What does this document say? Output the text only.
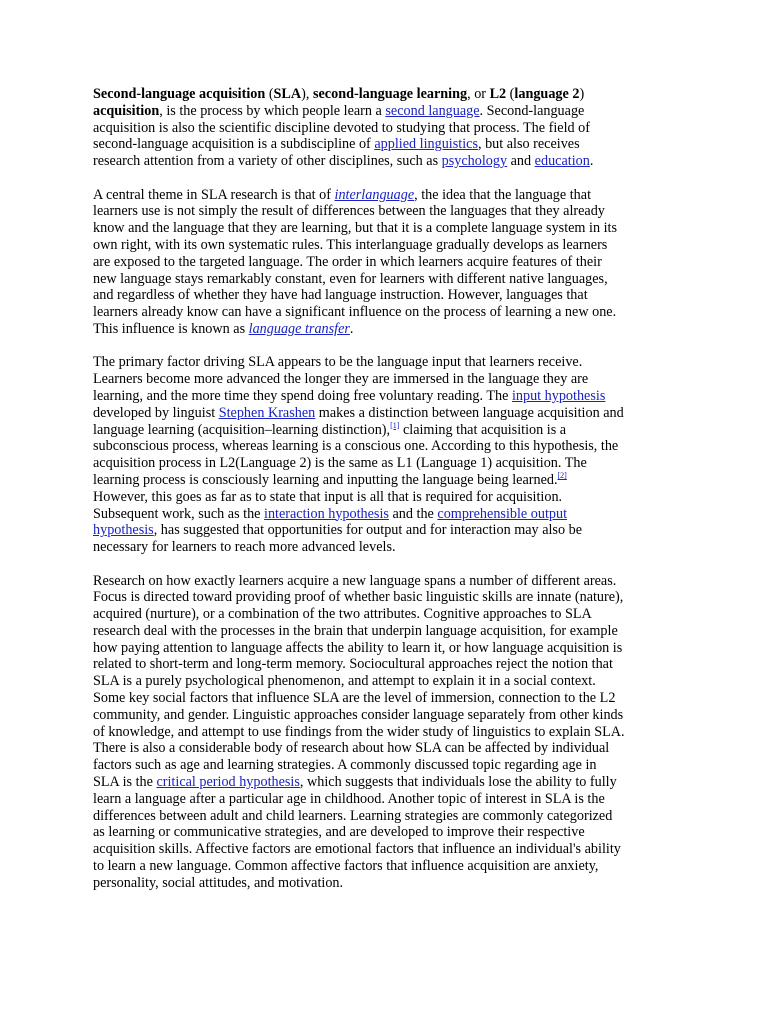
Second-language acquisition (SLA), second-language learning, or L2 (language 2)
acquisition, is the process by which people learn a second language. Second-language
acquisition is also the scientific discipline devoted to studying that process. The field of
second-language acquisition is a subdiscipline of applied linguistics, but also receives
research attention from a variety of other disciplines, such as psychology and education.

A central theme in SLA research is that of interlanguage, the idea that the language that
learners use is not simply the result of differences between the languages that they already
know and the language that they are learning, but that it is a complete language system in its
own right, with its own systematic rules. This interlanguage gradually develops as learners
are exposed to the targeted language. The order in which learners acquire features of their
new language stays remarkably constant, even for learners with different native languages,
and regardless of whether they have had language instruction. However, languages that
learners already know can have a significant influence on the process of learning a new one.
This influence is known as language transfer.

The primary factor driving SLA appears to be the language input that learners receive.
Learners become more advanced the longer they are immersed in the language they are
learning, and the more time they spend doing free voluntary reading. The input hypothesis
developed by linguist Stephen Krashen makes a distinction between language acquisition and
language learning (acquisition–learning distinction),[1] claiming that acquisition is a
subconscious process, whereas learning is a conscious one. According to this hypothesis, the
acquisition process in L2(Language 2) is the same as L1 (Language 1) acquisition. The
learning process is consciously learning and inputting the language being learned.[2]
However, this goes as far as to state that input is all that is required for acquisition.
Subsequent work, such as the interaction hypothesis and the comprehensible output
hypothesis, has suggested that opportunities for output and for interaction may also be
necessary for learners to reach more advanced levels.

Research on how exactly learners acquire a new language spans a number of different areas.
Focus is directed toward providing proof of whether basic linguistic skills are innate (nature),
acquired (nurture), or a combination of the two attributes. Cognitive approaches to SLA
research deal with the processes in the brain that underpin language acquisition, for example
how paying attention to language affects the ability to learn it, or how language acquisition is
related to short-term and long-term memory. Sociocultural approaches reject the notion that
SLA is a purely psychological phenomenon, and attempt to explain it in a social context.
Some key social factors that influence SLA are the level of immersion, connection to the L2
community, and gender. Linguistic approaches consider language separately from other kinds
of knowledge, and attempt to use findings from the wider study of linguistics to explain SLA.
There is also a considerable body of research about how SLA can be affected by individual
factors such as age and learning strategies. A commonly discussed topic regarding age in
SLA is the critical period hypothesis, which suggests that individuals lose the ability to fully
learn a language after a particular age in childhood. Another topic of interest in SLA is the
differences between adult and child learners. Learning strategies are commonly categorized
as learning or communicative strategies, and are developed to improve their respective
acquisition skills. Affective factors are emotional factors that influence an individual's ability
to learn a new language. Common affective factors that influence acquisition are anxiety,
personality, social attitudes, and motivation.
